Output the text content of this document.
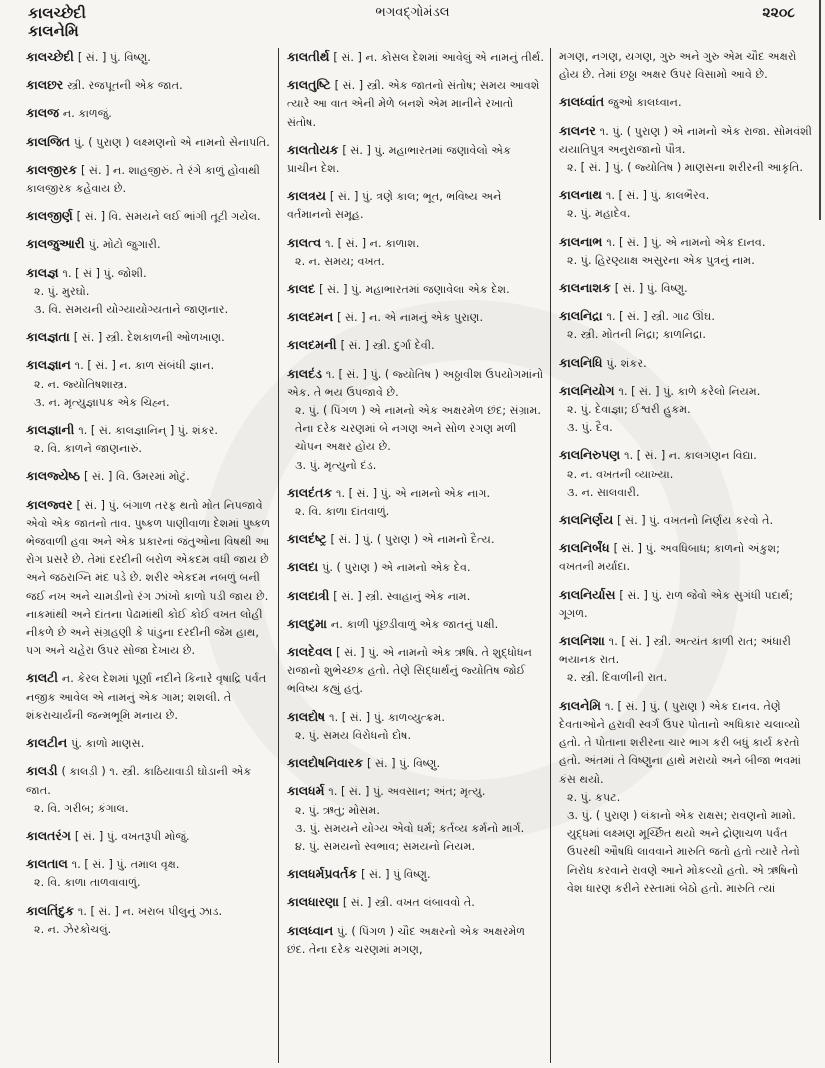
કાલચ્છેદી
કાલનેમિ
ભગવદ્ગોમંડલ	૨૨૦૮

કાલચ્છેદી [ સં. ] પું. વિષ્ણુ.

કાલછર સ્ત્રી. રજપૂતની એક જાત.

કાલજ ન. કાળજું.

કાલજિત પું. ( પુરાણ ) લક્ષ્મણનો એ નામનો સેનાપતિ.

કાલજીરક [ સં. ] ન. શાહજીરું. તે રંગે કાળું હોવાથી કાલજીરક કહેવાય છે.

કાલજીર્ણ [ સં. ] વિ. સમયને લઈ ભાંગી તૂટી ગયેલ.

કાલજુઆરી પું. મોટો જુગારી.

કાલજ્ઞ ૧. [ સં ] પું. જોશી.

૨. પું. મુરઘો.

૩. વિ. સમયની યોગ્યાયોગ્યતાને જાણનાર.

કાલજ્ઞતા [ સં. ] સ્ત્રી. દેશકાળની ઓળખાણ.

કાલજ્ઞાન ૧. [ સં. ] ન. કાળ સંબંધી જ્ઞાન.

૨. ન. જ્યોતિષશાસ્ત્ર.

૩. ન. મૃત્યુજ્ઞાપક એક ચિહ્ન.

કાલજ્ઞાની ૧. [ સં. કાલજ્ઞાનિન્ ] પું. શંકર.

૨. વિ. કાળને જાણનારું.

કાલજ્યેષ્ઠ [ સં. ] વિ. ઉમરમાં મોટું.

કાલજ્વર [ સં. ] પું. બંગાળ તરફ થતો મોત નિપજાવે એવો એક જાતનો તાવ. પુષ્કળ પાણીવાળા દેશમાં પુષ્કળ ભેજવાળી હવા અને એક પ્રકારનાં જંતુઓના વિષથી આ રોગ પ્રસરે છે. તેમાં દરદીની બરોળ એકદમ વધી જાય છે અને જઠરાગ્નિ મંદ પડે છે. શરીર એકદમ નબળું બની જઈ નખ અને ચામડીનો રંગ ઝાંખો કાળો પડી જાય છે. નાકમાંથી અને દાંતના પેઢામાંથી કોઈ કોઈ વખત લોહી નીકળે છે અને સંગ્રહણી કે પાંડુના દરદીની જેમ હાથ, પગ અને ચહેરા ઉપર સોજા દેખાય છે.

કાલટી ન. કેરલ દેશમાં પૂર્ણા નદીને કિનારે વૃષાદ્રિ પર્વત નજીક આવેલ એ નામનું એક ગામ; શશલી. તે શંકરાચાર્યની જન્મભૂમિ મનાય છે.

કાલટીન પું. કાળો માણસ.

કાલડી ( કાલડ઼ી ) ૧. સ્ત્રી. કાઠિયાવાડી ઘોડાની એક જાત.

૨. વિ. ગરીબ; કંગાલ.

કાલતરંગ [ સં. ] પું. વખતરૂપી મોજું.

કાલતાલ ૧. [ સં. ] પું. તમાલ વૃક્ષ.

૨. વિ. કાળા તાળવાવાળું.

કાલતિંદુક ૧. [ સં. ] ન. ખરાબ પીલુનું ઝાડ.

૨. ન. ઝેરકોચલું.

કાલતીર્થ [ સં. ] ન. કોસલ દેશમાં આવેલું એ નામનું તીર્થ.

કાલતુષ્ટિ [ સં. ] સ્ત્રી. એક જાતનો સંતોષ; સમય આવશે ત્યારે આ વાત એની મેળે બનશે એમ માનીને રખાતો સંતોષ.

કાલતોયક [ સં. ] પું. મહાભારતમાં જણાવેલો એક પ્રાચીન દેશ.

કાલત્રય [ સં. ] પું. ત્રણે કાલ; ભૂત, ભવિષ્ય અને વર્તમાનનો સમૂહ.

કાલત્વ ૧. [ સં. ] ન. કાળાશ.

૨. ન. સમય; વખત.

કાલદ [ સં. ] પું. મહાભારતમાં જણાવેલા એક દેશ.

કાલદમન [ સં. ] ન. એ નામનું એક પુરાણ.

કાલદમની [ સં. ] સ્ત્રી. દુર્ગા દેવી.

કાલદંડ ૧. [ સં. ] પું. ( જ્યોતિષ ) અઠ્ઠાવીશ ઉપયોગમાંનો એક. તે ભય ઉપજાવે છે.

૨. પું. ( પિંગળ ) એ નામનો એક અક્ષરમેળ છંદ; સંગ્રામ. તેના દરેક ચરણમાં બે નગણ અને સોળ રગણ મળી ચોપન અક્ષર હોય છે.

૩. પું. મૃત્યુનો દંડ.

કાલદંતક ૧. [ સં. ] પું. એ નામનો એક નાગ.

૨. વિ. કાળા દાંતવાળું.

કાલદંષ્ટ્ર [ સં. ] પું. ( પુરાણ ) એ નામનો દૈત્ય.

કાલદા પું. ( પુરાણ ) એ નામનો એક દેવ.

કાલદાત્રી [ સં. ] સ્ત્રી. સ્વાહાનું એક નામ.

કાલદુમા ન. કાળી પૂંછડીવાળું એક જાતનું પક્ષી.

કાલદેવલ [ સં. ] પું. એ નામનો એક ઋષિ. તે શુદ્ધોધન રાજાનો શુભેચ્છક હતો. તેણે સિદ્ધાર્થનું જ્યોતિષ જોઈ ભવિષ્ય કહ્યું હતું.

કાલદોષ ૧. [ સં. ] પું. કાળવ્યુત્ક્રમ.

૨. પું. સમય વિરોધનો દોષ.

કાલદોષનિવારક [ સં. ] પું. વિષ્ણુ.

કાલધર્મ ૧. [ સં. ] પું. અવસાન; અંત; મૃત્યુ.

૨. પું. ઋતુ; મોસમ.

૩. પું. સમયને યોગ્ય એવો ધર્મ; કર્તવ્ય કર્મનો માર્ગ.

૪. પું. સમયનો સ્વભાવ; સમયનો નિયમ.

કાલધર્મપ્રવર્તક [ સં. ] પું વિષ્ણુ.

કાલધારણા [ સં. ] સ્ત્રી. વખત લંબાવવો તે.

કાલધ્વાન પું. ( પિંગળ ) ચૌદ અક્ષરનો એક અક્ષરમેળ છંદ. તેના દરેક ચરણમાં મગણ,

મગણ, નગણ, યગણ, ગુરુ અને ગુરુ એમ ચૌદ અક્ષરો હોય છે. તેમાં છઠ્ઠા અક્ષર ઉપર વિસામો આવે છે.

કાલધ્વાંત જુઓ કાલધ્વાન.

કાલનર ૧. પું. ( પુરાણ ) એ નામનો એક રાજા. સોમવંશી યયાતિપુત્ર અનુરાજાનો પૌત્ર.

૨. [ સં. ] પું. ( જ્યોતિષ ) માણસના શરીરની આકૃતિ.

કાલનાથ ૧. [ સં. ] પું. કાલભૈરવ.

૨. પું. મહાદેવ.

કાલનાભ ૧. [ સં. ] પું. એ નામનો એક દાનવ.

૨. પું. હિરણ્યાક્ષ અસુરના એક પુત્રનું નામ.

કાલનાશક [ સં. ] પું. વિષ્ણુ.

કાલનિદ્રા ૧. [ સં. ] સ્ત્રી. ગાઢ ઊંઘ.

૨. સ્ત્રી. મોતની નિદ્રા; કાળનિદ્રા.

કાલનિધિ પું. શંકર.

કાલનિયોગ ૧. [ સં. ] પું. કાળે કરેલો નિયમ.

૨. પું. દેવાજ્ઞા; ઈશ્વરી હુકમ.

૩. પું. દૈવ.

કાલનિરુપણ ૧. [ સં. ] ન. કાલગણન વિદ્યા.

૨. ન. વખતની વ્યાખ્યા.

૩. ન. સાલવારી.

કાલનિર્ણય [ સં. ] પું. વખતનો નિર્ણય કરવો તે.

કાલનિર્બંધ [ સં. ] પું. અવધિબાધ; કાળનો અંકુશ; વખતની મર્યાદા.

કાલનિર્યાસ [ સં. ] પું. રાળ જેવો એક સુગંધી પદાર્થ; ગૂગળ.

કાલનિશા ૧. [ સં. ] સ્ત્રી. અત્યંત કાળી રાત; અંધારી ભયાનક રાત.

૨. સ્ત્રી. દિવાળીની રાત.

કાલનેમિ ૧. [ સં. ] પું. ( પુરાણ ) એક દાનવ. તેણે દેવતાઓને હરાવી સ્વર્ગ ઉપર પોતાનો અધિકાર ચલાવ્યો હતો. તે પોતાના શરીરના ચાર ભાગ કરી બધું કાર્ય કરતો હતો. અંતમાં તે વિષ્ણુના હાથે મરાયો અને બીજા ભવમાં કંસ થયો.

૨. પું. કપટ.

૩. પું. ( પુરાણ ) લંકાનો એક રાક્ષસ; રાવણનો મામો. યુદ્ધમાં લક્ષ્મણ મૂર્ચ્છિત થયો અને દ્રોણાચળ પર્વત ઉપરથી ઔષધિ લાવવાને મારુતિ જતો હતો ત્યારે તેનો નિરોધ કરવાને રાવણે આને મોકલ્યો હતો. એ ઋષિનો વેશ ધારણ કરીને રસ્તામાં બેઠો હતો. મારુતિ ત્યાં
